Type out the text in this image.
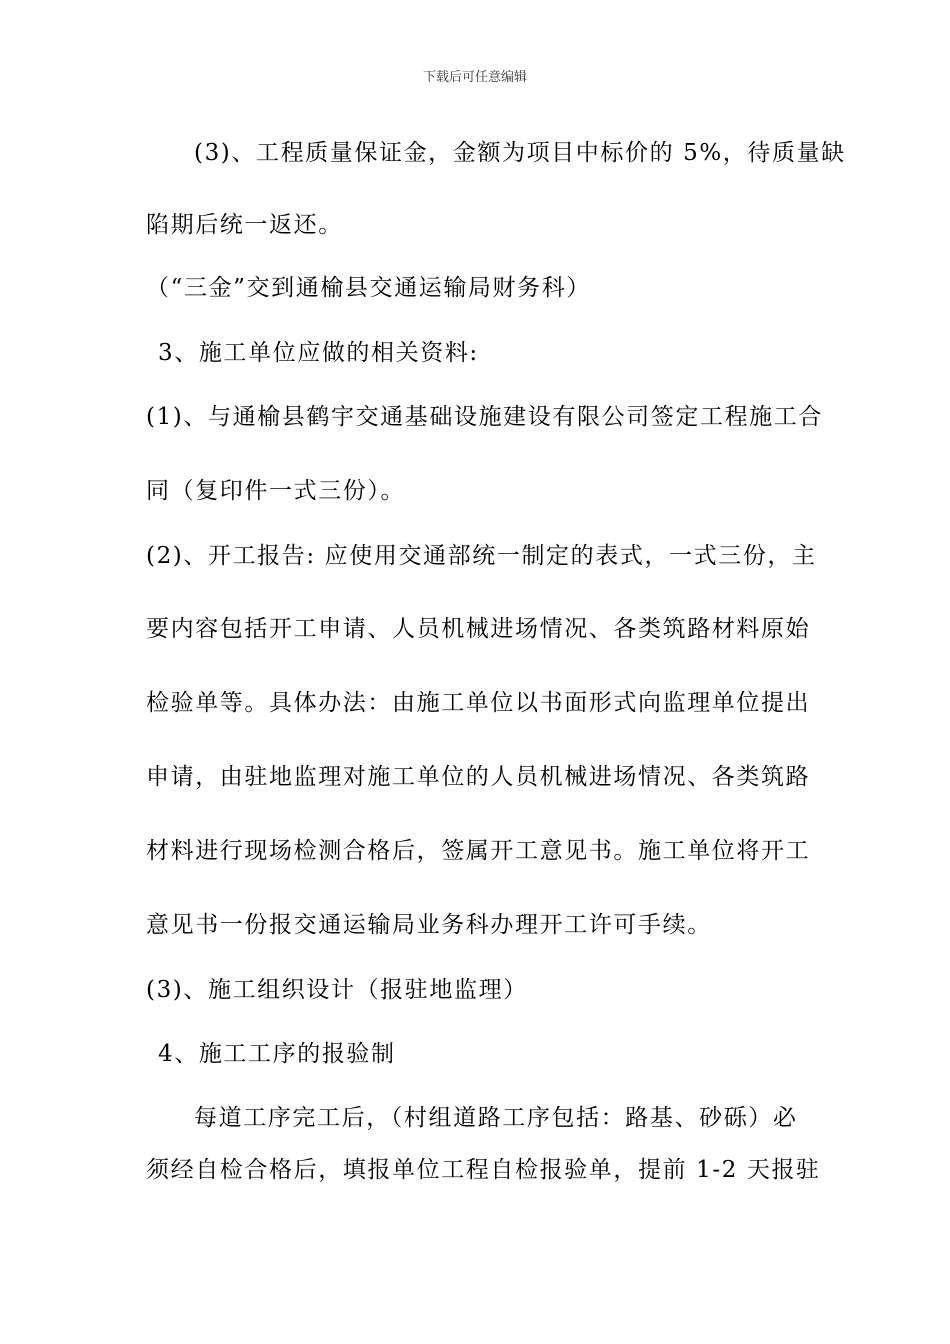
下载后可任意编辑
(3)、工程质量保证金，金额为项目中标价的 5%，待质量缺
陷期后统一返还。
（“三金”交到通榆县交通运输局财务科）
3、施工单位应做的相关资料:
(1)、与通榆县鹤宇交通基础设施建设有限公司签定工程施工合
同（复印件一式三份）。
(2)、开工报告: 应使用交通部统一制定的表式，一式三份，主
要内容包括开工申请、人员机械进场情况、各类筑路材料原始
检验单等。具体办法：由施工单位以书面形式向监理单位提出
申请，由驻地监理对施工单位的人员机械进场情况、各类筑路
材料进行现场检测合格后，签属开工意见书。施工单位将开工
意见书一份报交通运输局业务科办理开工许可手续。
(3)、施工组织设计（报驻地监理）
4、施工工序的报验制
每道工序完工后，（村组道路工序包括：路基、砂砾）必
须经自检合格后，填报单位工程自检报验单，提前 1-2 天报驻
